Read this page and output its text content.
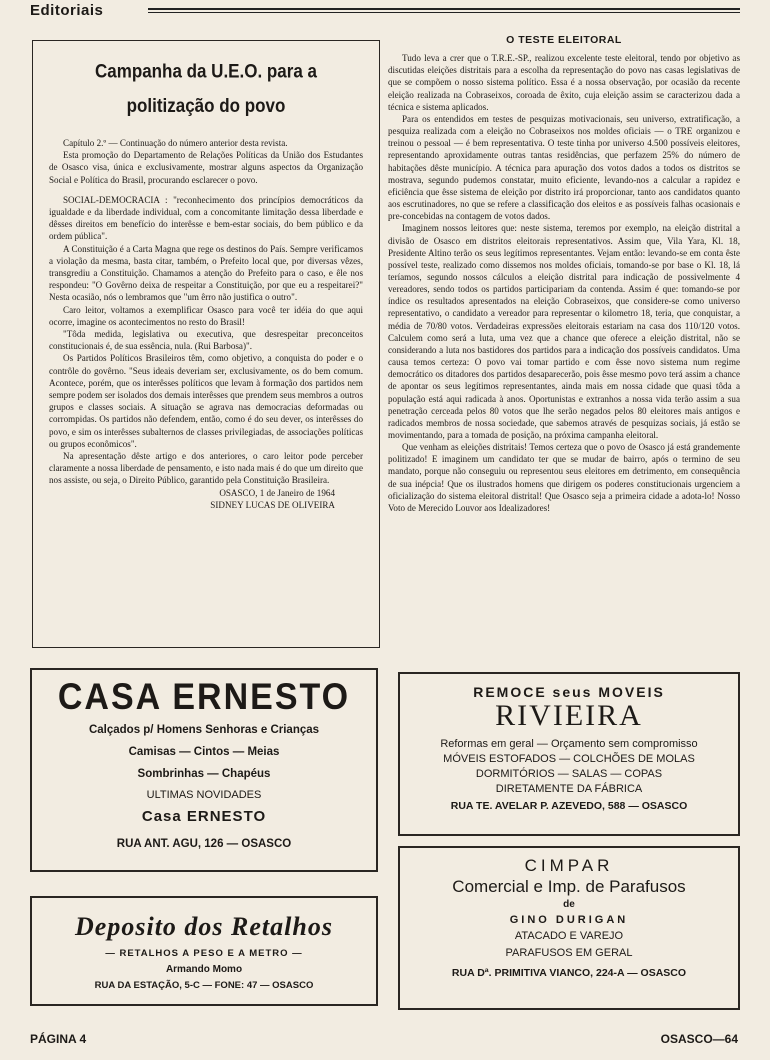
Editoriais
Campanha da U.E.O. para a
politização do povo

Capítulo 2.º — Continuação do número anterior desta revista.

Esta promoção do Departamento de Relações Políticas da União dos Estudantes de Osasco visa, única e exclusivamente, mostrar alguns aspectos da Organização Social e Política do Brasil, procurando esclarecer o povo.

SOCIAL-DEMOCRACIA : "reconhecimento dos princípios democráticos da igualdade e da liberdade individual, com a concomitante limitação dessa liberdade e dêsses direitos em benefício do interêsse e bem-estar sociais, do bem público e da ordem pública".

A Constituição é a Carta Magna que rege os destinos do País. Sempre verificamos a violação da mesma, basta citar, também, o Prefeito local que, por diversas vêzes, transgrediu a Constituição. Chamamos a atenção do Prefeito para o caso, e êle nos respondeu: "O Govêrno deixa de respeitar a Constituição, por que eu a respeitarei?" Nesta ocasião, nós o lembramos que "um êrro não justifica o outro".

Caro leitor, voltamos a exemplificar Osasco para você ter idéia do que aqui ocorre, imagine os acontecimentos no resto do Brasil!

"Tôda medida, legislativa ou executiva, que desrespeitar preconceitos constitucionais é, de sua essência, nula. (Rui Barbosa)".

Os Partidos Políticos Brasileiros têm, como objetivo, a conquista do poder e o contrôle do govêrno. "Seus ideais deveriam ser, exclusivamente, os do bem comum. Acontece, porém, que os interêsses políticos que levam à formação dos partidos nem sempre podem ser isolados dos demais interêsses que prendem seus membros a outros grupos e classes sociais. A situação se agrava nas democracias deformadas ou corrompidas. Os partidos não defendem, então, como é do seu dever, os interêsses do povo, e sim os interêsses subalternos de classes privilegiadas, de associações políticas ou grupos econômicos".

Na apresentação dêste artigo e dos anteriores, o caro leitor pode perceber claramente a nossa liberdade de pensamento, e isto nada mais é do que um direito que nos assiste, ou seja, o Direito Público, garantido pela Constituição Brasileira.

OSASCO, 1 de Janeiro de 1964
SIDNEY LUCAS DE OLIVEIRA
O TESTE ELEITORAL

Tudo leva a crer que o T.R.E.-SP., realizou excelente teste eleitoral, tendo por objetivo as discutidas eleições distritais para a escolha da representação do povo nas casas legislativas de que se compõem o nosso sistema político. Essa é a nossa observação, por ocasião da recente eleição realizada na Cobraseixos, coroada de êxito, cuja eleição assim se caracterizou dada a técnica e sistema aplicados.

Para os entendidos em testes de pesquizas motivacionais, seu universo, extratificação, a pesquiza realizada com a eleição no Cobraseixos nos moldes oficiais — o TRE organizou e treinou o pessoal — é bem representativa. O teste tinha por universo 4.500 possíveis eleitores, representando aproxidamente outras tantas residências, que perfazem 25% do número de habitações dêste município. A técnica para apuração dos votos dados a todos os distritos se mostrava, segundo pudemos constatar, muito eficiente, levando-nos a calcular a rapidez e eficiência que êsse sistema de eleição por distrito irá proporcionar, tanto aos candidatos quanto aos escrutinadores, no que se refere a classificação dos eleitos e as possíveis falhas ocasionais e pre-concebidas na contagem de votos dados.

Imaginem nossos leitores que: neste sistema, teremos por exemplo, na eleição distrital a divisão de Osasco em distritos eleitorais representativos. Assim que, Vila Yara, Kl. 18, Presidente Altino terão os seus legítimos representantes. Vejam então: levando-se em conta êste possível teste, realizado como dissemos nos moldes oficiais, tomando-se por base o Kl. 18, lá teríamos, segundo nossos cálculos a eleição distrital para indicação de possivelmente 4 vereadores, sendo todos os partidos participariam da contenda. Assim é que: tomando-se por índice os resultados apresentados na eleição Cobraseixos, que considere-se como universo representativo, o candidato a vereador para representar o kilometro 18, teria, que conquistar, a média de 70/80 votos. Verdadeiras expressões eleitorais estariam na casa dos 110/120 votos. Calculem como será a luta, uma vez que a chance que oferece a eleição distrital, não se considerando a luta nos bastidores dos partidos para a indicação dos possíveis candidatos. Uma causa temos certeza: O povo vai tomar partido e com êsse novo sistema num regime democrático os ditadores dos partidos desaparecerão, pois êsse mesmo povo terá assim a chance de apontar os seus legítimos representantes, ainda mais em nossa cidade que quasi tôda a população está aqui radicada à anos. Oportunistas e extranhos a nossa vida terão assim a sua penetração cerceada pelos 80 votos que lhe serão negados pelos 80 eleitores mais antigos e radicados membros de nossa sociedade, que sabemos através de pesquizas sociais, já estão se movimentando, para a tomada de posição, na próxima campanha eleitoral.

Que venham as eleições distritais! Temos certeza que o povo de Osasco já está grandemente politizado! E imaginem um candidato ter que se mudar de bairro, após o termino de seu mandato, porque não conseguiu ou representou seus eleitores em detrimento, em consequência de sua inépcia! Que os ilustrados homens que dirigem os poderes constitucionais urgenciem a oficialização do sistema eleitoral distrital! Que Osasco seja a primeira cidade a adota-lo! Nosso Voto de Merecido Louvor aos Idealizadores!

CASA ERNESTO
Calçados p/ Homens Senhoras e Crianças
Camisas — Cintos — Meias
Sombrinhas — Chapéus
ULTIMAS NOVIDADES
Casa ERNESTO
RUA ANT. AGU, 126 — OSASCO
REMOCE seus MOVEIS
RIVIEIRA
Reformas em geral — Orçamento sem compromisso
MÓVEIS ESTOFADOS — COLCHÕES DE MOLAS
DORMITÓRIOS — SALAS — COPAS
DIRETAMENTE DA FÁBRICA
RUA TE. AVELAR P. AZEVEDO, 588 — OSASCO
CIMPAR
Comercial e Imp. de Parafusos
de
GINO DURIGAN
ATACADO E VAREJO
PARAFUSOS EM GERAL
RUA Dª. PRIMITIVA VIANCO, 224-A — OSASCO
Deposito dos Retalhos
— RETALHOS A PESO E A METRO —
Armando Momo
RUA DA ESTAÇÃO, 5-C — FONE: 47 — OSASCO
PÁGINA 4	OSASCO—64
